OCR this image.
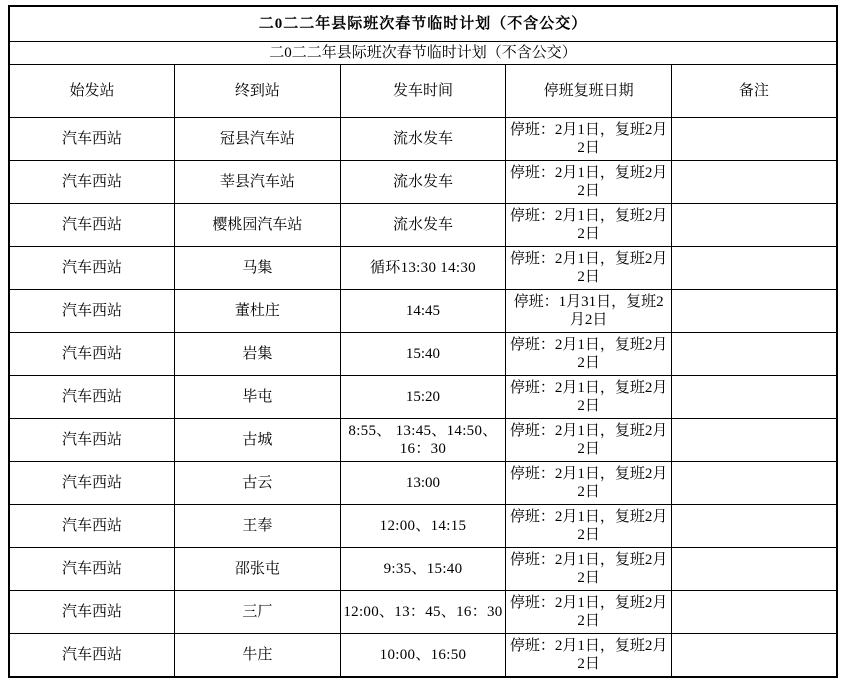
二0二二年县际班次春节临时计划（不含公交）				
二0二二年县际班次春节临时计划（不含公交）				
始发站	终到站	发车时间	停班复班日期	备注
汽车西站	冠县汽车站	流水发车	停班：2月1日，复班2月2日	
汽车西站	莘县汽车站	流水发车	停班：2月1日，复班2月2日	
汽车西站	樱桃园汽车站	流水发车	停班：2月1日，复班2月2日	
汽车西站	马集	循环13:30 14:30	停班：2月1日，复班2月2日	
汽车西站	董杜庄	14:45	停班：1月31日，复班2月2日	
汽车西站	岩集	15:40	停班：2月1日，复班2月2日	
汽车西站	毕屯	15:20	停班：2月1日，复班2月2日	
汽车西站	古城	8:55、 13:45、14:50、16：30	停班：2月1日，复班2月2日	
汽车西站	古云	13:00	停班：2月1日，复班2月2日	
汽车西站	王奉	12:00、14:15	停班：2月1日，复班2月2日	
汽车西站	邵张屯	9:35、15:40	停班：2月1日，复班2月2日	
汽车西站	三厂	12:00、13：45、16：30	停班：2月1日，复班2月2日	
汽车西站	牛庄	10:00、16:50	停班：2月1日，复班2月2日	
